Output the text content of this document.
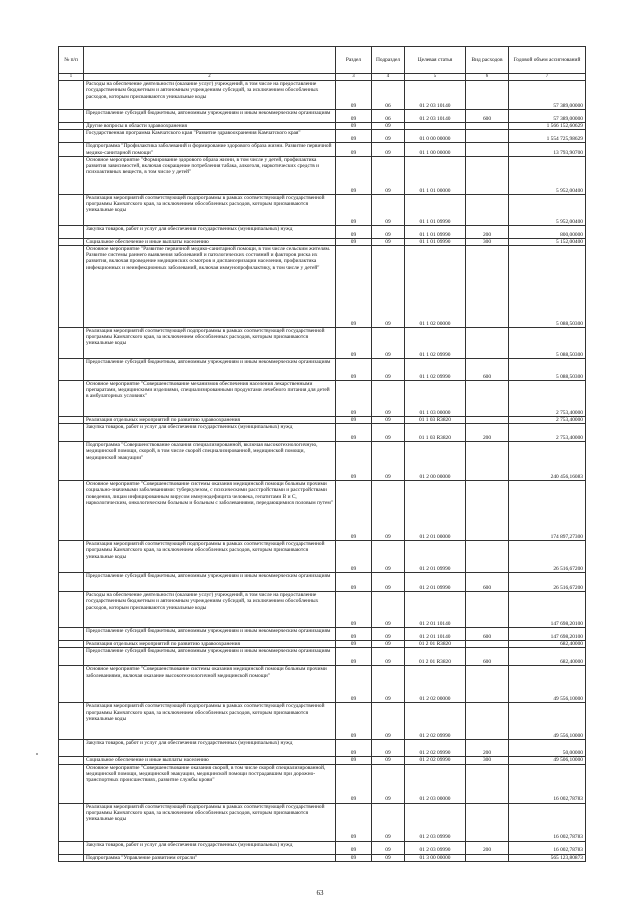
№ п/п		Раздел	Подраздел	Целевая статья	Вид расходов	Годовой объем ассигнований
1	2	3	4	5	6	7
	Расходы на обеспечение деятельности (оказание услуг) учреждений, в том числе на предоставление государственным бюджетным и автономным учреждениям субсидий, за исключением обособленных расходов, которым присваиваются уникальные коды	09	06	01 2 03 10140		57 389,00000
	Предоставление субсидий бюджетным, автономным учреждениям и иным некоммерческим организациям	09	06	01 2 03 10140	600	57 389,00000
	Другие вопросы в области здравоохранения	09	09			1 566 152,60629
	Государственная программа Камчатского края "Развитие здравоохранения Камчатского края"	09	09	01 0 00 00000		1 554 725,98629
	Подпрограмма "Профилактика заболеваний и формирование здорового образа жизни. Развитие первичной медико-санитарной помощи"	09	09	01 1 00 00000		13 793,90700
	Основное мероприятие "Формирование здорового образа жизни, в том числе у детей, профилактика развития зависимостей, включая сокращение потребления табака, алкоголя, наркотических средств и психоактивных веществ, в том числе у детей"	09	09	01 1 01 00000		5 952,00400
	Реализация мероприятий соответствующей подпрограммы в рамках соответствующей государственной программы Камчатского края, за исключением обособленных расходов, которым присваиваются уникальные коды	09	09	01 1 01 09990		5 952,00400
	Закупка товаров, работ и услуг для обеспечения государственных (муниципальных) нужд	09	09	01 1 01 09990	200	800,00000
	Социальное обеспечение и иные выплаты населению	09	09	01 1 01 09990	300	5 152,00400
	Основное мероприятие "Развитие первичной медико-санитарной помощи, в том числе сельским жителям. Развитие системы раннего выявления заболеваний и патологических состояний и факторов риска их развития, включая проведение медицинских осмотров и диспансеризации населения, профилактика инфекционных и неинфекционных заболеваний, включая иммунопрофилактику, в том числе у детей"	09	09	01 1 02 00000		5 088,50300
	Реализация мероприятий соответствующей подпрограммы в рамках соответствующей государственной программы Камчатского края, за исключением обособленных расходов, которым присваиваются уникальные коды	09	09	01 1 02 09990		5 088,50300
	Предоставление субсидий бюджетным, автономным учреждениям и иным некоммерческим организациям	09	09	01 1 02 09990	600	5 088,50300
	Основное мероприятие "Совершенствование механизмов обеспечения населения лекарственными препаратами, медицинскими изделиями, специализированными продуктами лечебного питания для детей в амбулаторных условиях"	09	09	01 1 03 00000		2 753,40000
	Реализация отдельных мероприятий по развитию здравоохранения	09	09	01 1 03 R3820		2 753,40000
	Закупка товаров, работ и услуг для обеспечения государственных (муниципальных) нужд	09	09	01 1 03 R3820	200	2 753,40000
	Подпрограмма "Совершенствование оказания специализированной, включая высокотехнологичную, медицинской помощи, скорой, в том числе скорой специализированной, медицинской помощи, медицинской эвакуации"	09	09	01 2 00 00000		240 456,16083
	Основное мероприятие "Совершенствование системы оказания медицинской помощи больным прочими социально-значимыми заболеваниями: туберкулезом, с психическими расстройствами и расстройствами поведения, лицам инфицированным вирусом иммунодефицита человека, гепатитами B и C, наркологическим, онкологическим больным и больным с заболеваниями, передающимися половым путем"	09	09	01 2 01 00000		174 897,27300
	Реализация мероприятий соответствующей подпрограммы в рамках соответствующей государственной программы Камчатского края, за исключением обособленных расходов, которым присваиваются уникальные коды	09	09	01 2 01 09990		26 516,67200
	Предоставление субсидий бюджетным, автономным учреждениям и иным некоммерческим организациям	09	09	01 2 01 09990	600	26 516,67200
	Расходы на обеспечение деятельности (оказание услуг) учреждений, в том числе на предоставление государственным бюджетным и автономным учреждениям субсидий, за исключением обособленных расходов, которым присваиваются уникальные коды	09	09	01 2 01 10140		147 698,20100
	Предоставление субсидий бюджетным, автономным учреждениям и иным некоммерческим организациям	09	09	01 2 01 10140	600	147 698,20100
	Реализация отдельных мероприятий по развитию здравоохранения	09	09	01 2 01 R3820		682,40000
	Предоставление субсидий бюджетным, автономным учреждениям и иным некоммерческим организациям	09	09	01 2 01 R3820	600	682,40000
	Основное мероприятие "Совершенствование системы оказания медицинской помощи больным прочими заболеваниями, включая оказание высокотехнологичной медицинской помощи"	09	09	01 2 02 00000		49 556,10000
	Реализация мероприятий соответствующей подпрограммы в рамках соответствующей государственной программы Камчатского края, за исключением обособленных расходов, которым присваиваются уникальные коды	09	09	01 2 02 09990		49 556,10000
	Закупка товаров, работ и услуг для обеспечения государственных (муниципальных) нужд	09	09	01 2 02 09990	200	50,00000
	Социальное обеспечение и иные выплаты населению	09	09	01 2 02 09990	300	49 506,10000
	Основное мероприятие "Совершенствование оказания скорой, в том числе скорой специализированной, медицинской помощи, медицинской эвакуации, медицинской помощи пострадавшим при дорожно-транспортных происшествиях, развитие службы крови"	09	09	01 2 03 00000		16 002,78783
	Реализация мероприятий соответствующей подпрограммы в рамках соответствующей государственной программы Камчатского края, за исключением обособленных расходов, которым присваиваются уникальные коды	09	09	01 2 03 09990		16 002,78783
	Закупка товаров, работ и услуг для обеспечения государственных (муниципальных) нужд	09	09	01 2 03 09990	200	16 002,78783
	Подпрограмма "Управление развитием отрасли"	09	09	01 3 00 00000		565 123,80873
63
